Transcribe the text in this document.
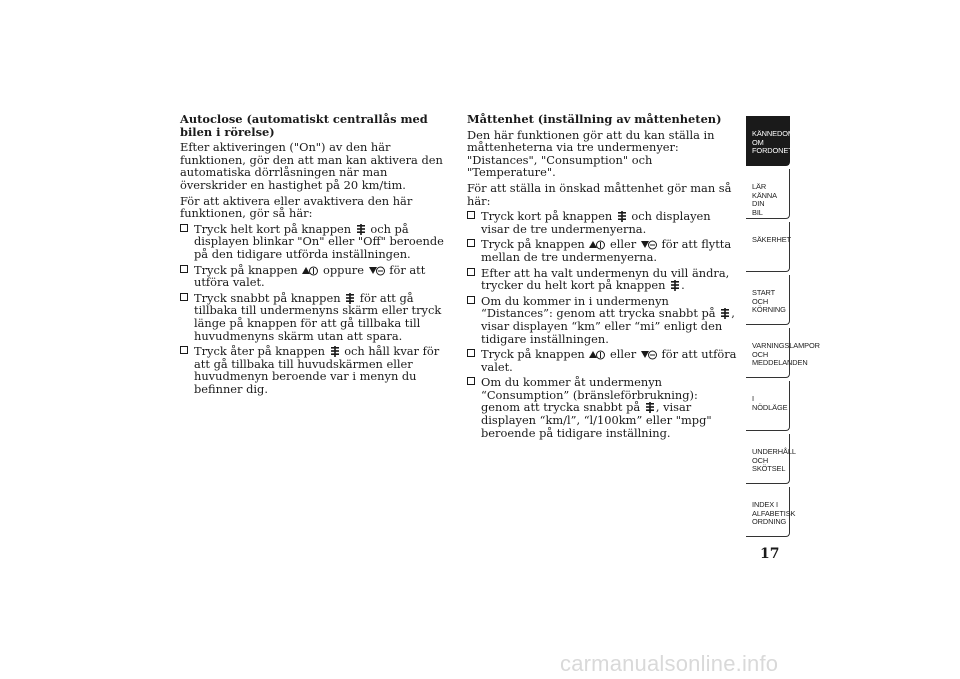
Autoclose (automatiskt centrallås med bilen i rörelse)
Efter aktiveringen ("On") av den här funktionen, gör den att man kan aktivera den automatiska dörrlåsningen när man överskrider en hastighet på 20 km/tim.
För att aktivera eller avaktivera den här funktionen, gör så här:
Tryck helt kort på knappen
och på displayen blinkar "On" eller "Off" beroende på den tidigare utförda inställningen.
Tryck på knappen
oppure
för att utföra valet.
Tryck snabbt på knappen
för att gå tillbaka till undermenyns skärm eller tryck länge på knappen för att gå tillbaka till huvudmenyns skärm utan att spara.
Tryck åter på knappen
och håll kvar för att gå tillbaka till huvudskärmen eller huvudmenyn beroende var i menyn du befinner dig.
Måttenhet (inställning av måttenheten)
Den här funktionen gör att du kan ställa in måttenheterna via tre undermenyer: "Distances", "Consumption" och "Temperature".
För att ställa in önskad måttenhet gör man så här:
Tryck kort på knappen
och displayen visar de tre undermenyerna.
Tryck på knappen
eller
för att flytta mellan de tre undermenyerna.
Efter att ha valt undermenyn du vill ändra, trycker du helt kort på knappen
.
Om du kommer in i undermenyn “Distances”: genom att trycka snabbt på
, visar displayen “km” eller “mi” enligt den tidigare inställningen.
Tryck på knappen
eller
för att utföra valet.
Om du kommer åt undermenyn “Consumption” (bränsleförbrukning): genom att trycka snabbt på
, visar displayen “km/l”, “l/100km” eller "mpg" beroende på tidigare inställning.
KÄNNEDOM OM
FORDONET
LÄR KÄNNA DIN
BIL
SÄKERHET
START OCH
KÖRNING
VARNINGSLAMPOR
OCH
MEDDELANDEN
I NÖDLÄGE
UNDERHÅLL OCH
SKÖTSEL
INDEX I
ALFABETISK
ORDNING
17
carmanualsonline.info
